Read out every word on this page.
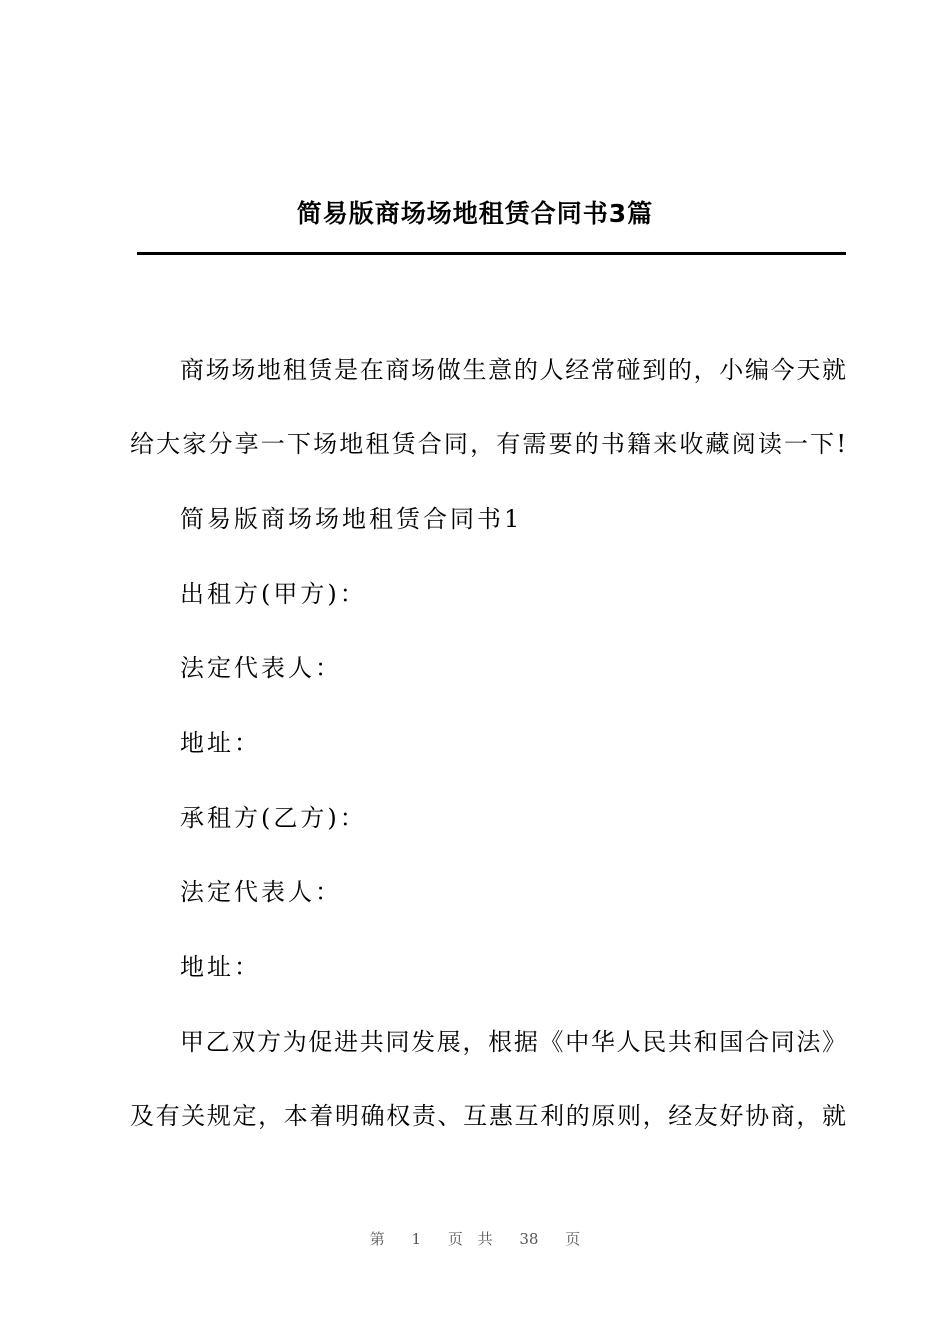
简易版商场场地租赁合同书3篇
商场场地租赁是在商场做生意的人经常碰到的，小编今天就
给大家分享一下场地租赁合同，有需要的书籍来收藏阅读一下!
简易版商场场地租赁合同书1
出租方(甲方)：
法定代表人：
地址：
承租方(乙方)：
法定代表人：
地址：
甲乙双方为促进共同发展，根据《中华人民共和国合同法》
及有关规定，本着明确权责、互惠互利的原则，经友好协商，就
第 1 页 共 38 页
